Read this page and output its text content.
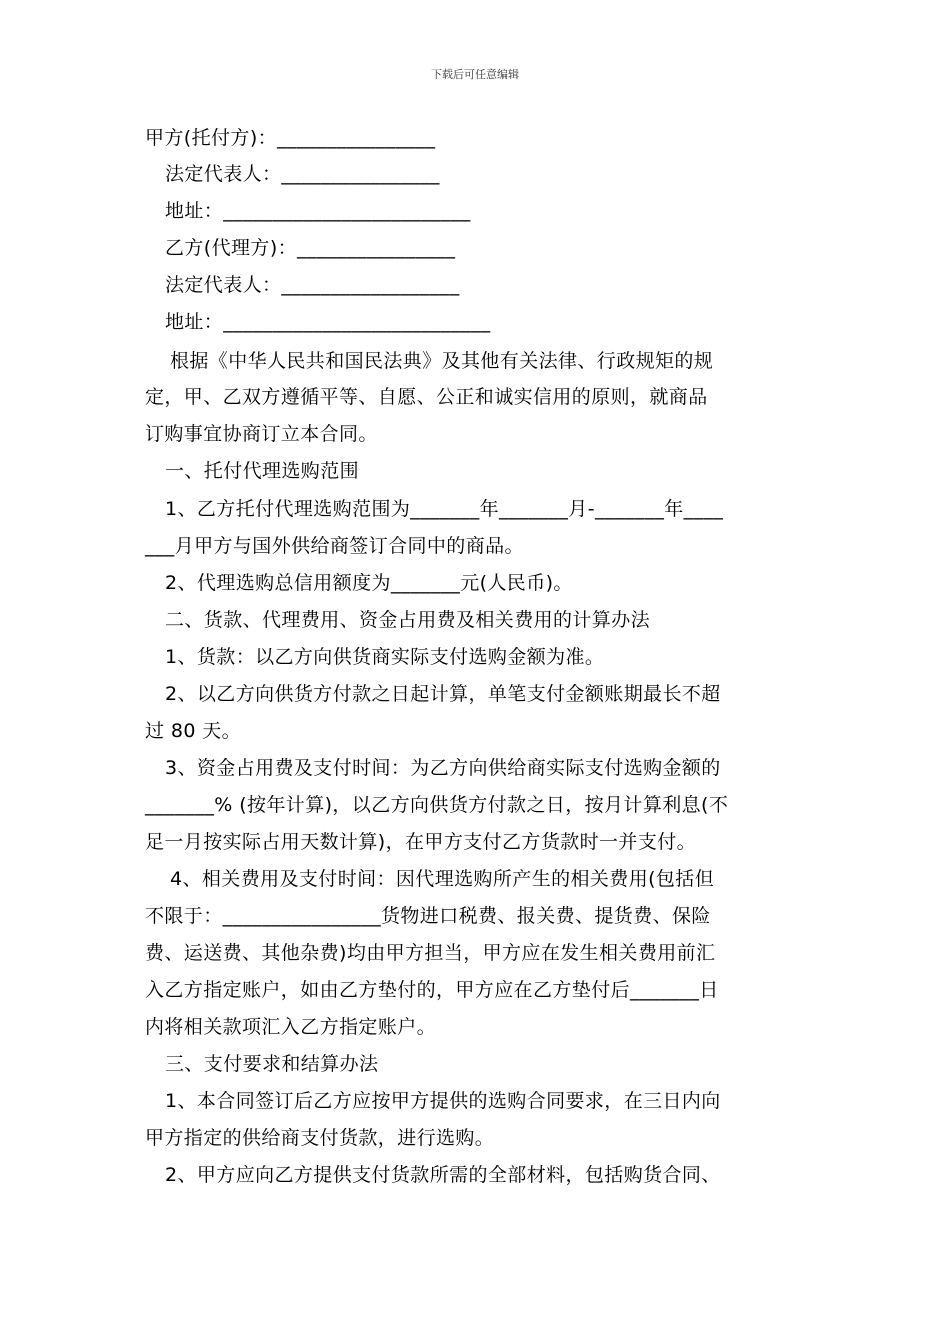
下载后可任意编辑
甲方(托付方)：________________
法定代表人：________________
地址：_________________________
乙方(代理方)：________________
法定代表人：__________________
地址：___________________________
根据《中华人民共和国民法典》及其他有关法律、行政规矩的规
定，甲、乙双方遵循平等、自愿、公正和诚实信用的原则，就商品
订购事宜协商订立本合同。
一、托付代理选购范围
1、乙方托付代理选购范围为_______年_______月-_______年____
___月甲方与国外供给商签订合同中的商品。
2、代理选购总信用额度为_______元(人民币)。
二、货款、代理费用、资金占用费及相关费用的计算办法
1、货款：以乙方向供货商实际支付选购金额为准。
2、以乙方向供货方付款之日起计算，单笔支付金额账期最长不超
过 80 天。
3、资金占用费及支付时间：为乙方向供给商实际支付选购金额的
_______% (按年计算)，以乙方向供货方付款之日，按月计算利息(不
足一月按实际占用天数计算)，在甲方支付乙方货款时一并支付。
4、相关费用及支付时间：因代理选购所产生的相关费用(包括但
不限于：________________货物进口税费、报关费、提货费、保险
费、运送费、其他杂费)均由甲方担当，甲方应在发生相关费用前汇
入乙方指定账户，如由乙方垫付的，甲方应在乙方垫付后_______日
内将相关款项汇入乙方指定账户。
三、支付要求和结算办法
1、本合同签订后乙方应按甲方提供的选购合同要求，在三日内向
甲方指定的供给商支付货款，进行选购。
2、甲方应向乙方提供支付货款所需的全部材料，包括购货合同、
